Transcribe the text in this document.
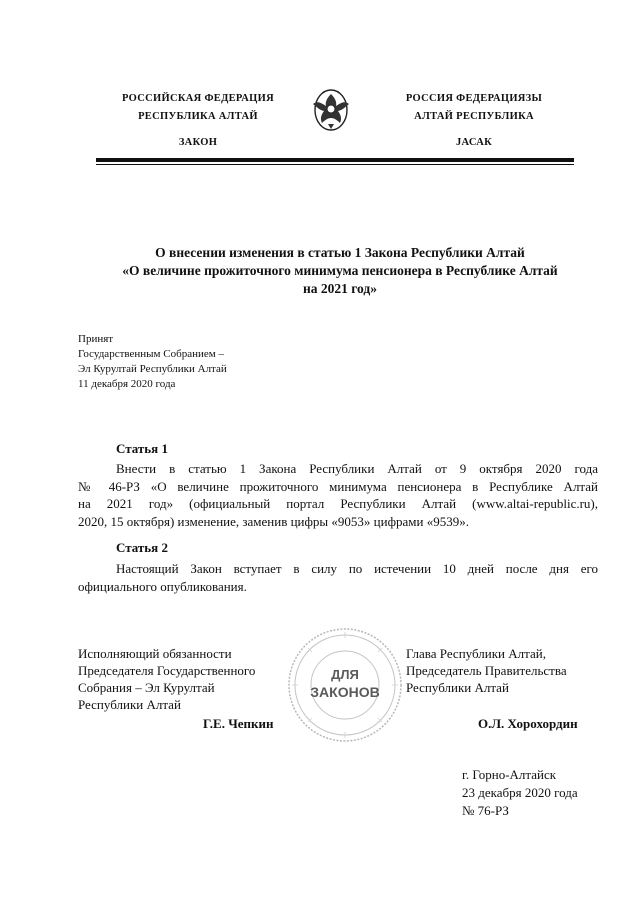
РОССИЙСКАЯ ФЕДЕРАЦИЯ
РЕСПУБЛИКА АЛТАЙ
ЗАКОН
РОССИЯ ФЕДЕРАЦИЯЗЫ
АЛТАЙ РЕСПУБЛИКА
JАСАК
О внесении изменения в статью 1 Закона Республики Алтай
«О величине прожиточного минимума пенсионера в Республике Алтай
на 2021 год»
Принят
Государственным Собранием –
Эл Курултай Республики Алтай
11 декабря 2020 года
Статья 1
Внести в статью 1 Закона Республики Алтай от 9 октября 2020 года
№ 46-РЗ «О величине прожиточного минимума пенсионера в Республике Алтай
на 2021 год» (официальный портал Республики Алтай (www.altai-republic.ru),
2020, 15 октября) изменение, заменив цифры «9053» цифрами «9539».
Статья 2
Настоящий Закон вступает в силу по истечении 10 дней после дня его
официального опубликования.
Исполняющий обязанности
Председателя Государственного
Собрания – Эл Курултай
Республики Алтай
Г.Е. Чепкин
ДЛЯ
ЗАКОНОВ
Глава Республики Алтай,
Председатель Правительства
Республики Алтай
О.Л. Хорохордин
г. Горно-Алтайск
23 декабря 2020 года
№ 76-РЗ
